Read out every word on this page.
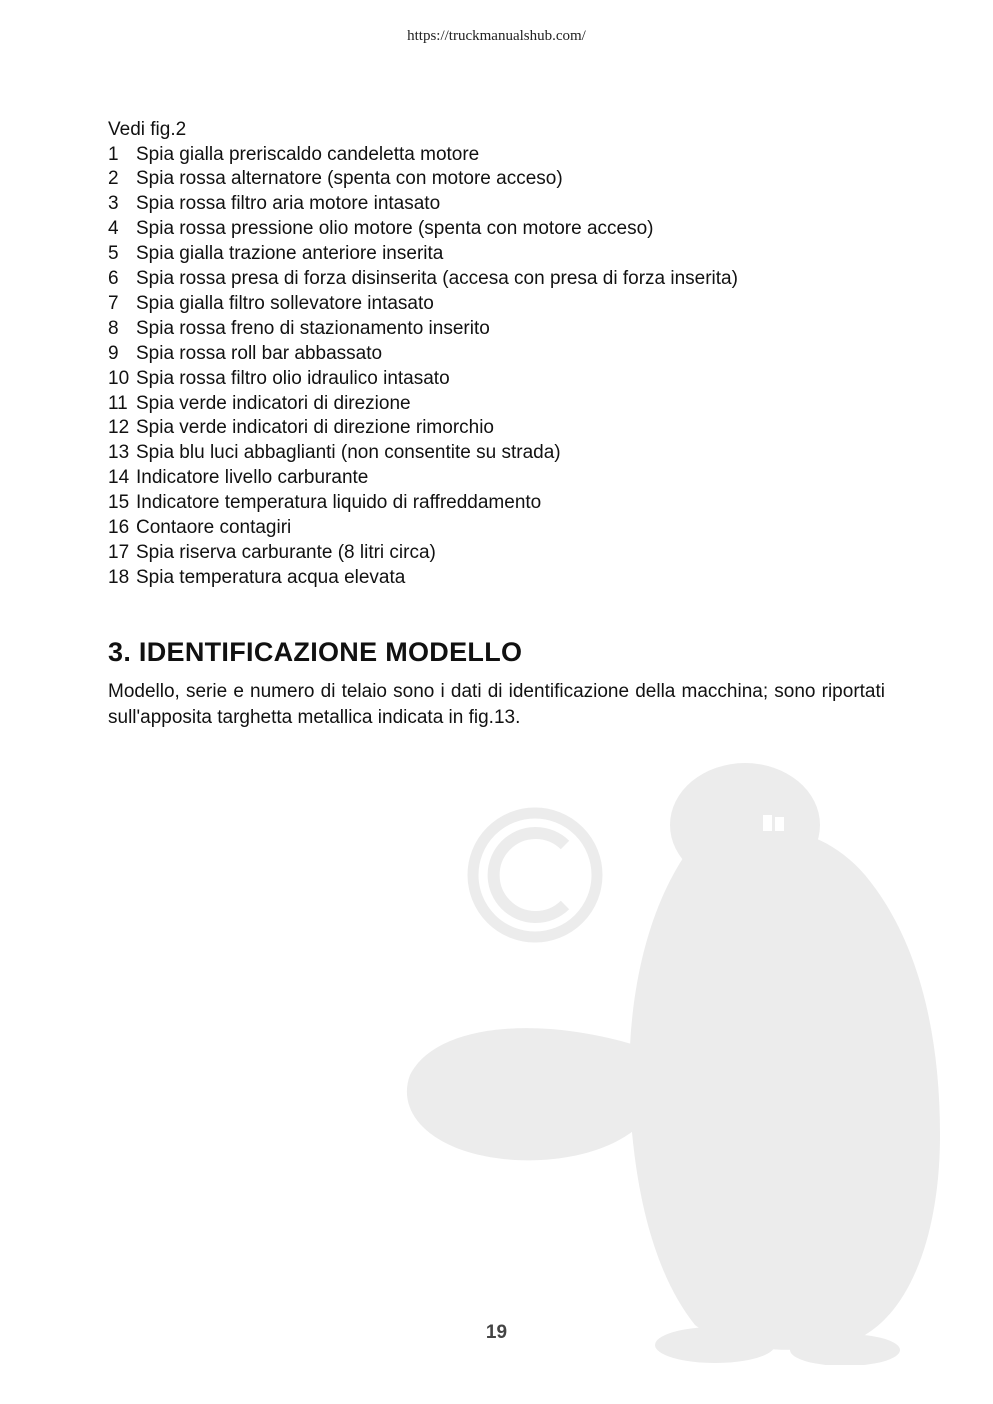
https://truckmanualshub.com/

Vedi fig.2

1 Spia gialla preriscaldo candeletta motore
2 Spia rossa alternatore (spenta con motore acceso)
3 Spia rossa filtro aria motore intasato
4 Spia rossa pressione olio motore (spenta con motore acceso)
5 Spia gialla trazione anteriore inserita
6 Spia rossa presa di forza disinserita (accesa con presa di forza inserita)
7 Spia gialla filtro sollevatore intasato
8 Spia rossa freno di stazionamento inserito
9 Spia rossa roll bar abbassato
10 Spia rossa filtro olio idraulico intasato
11 Spia verde indicatori di direzione
12 Spia verde indicatori di direzione rimorchio
13 Spia blu luci abbaglianti (non consentite su strada)
14 Indicatore livello carburante
15 Indicatore temperatura liquido di raffreddamento
16 Contaore contagiri
17 Spia riserva carburante (8 litri circa)
18 Spia temperatura acqua elevata
3. IDENTIFICAZIONE MODELLO

Modello, serie e numero di telaio sono i dati di identificazione della macchina; sono riportati sull'apposita targhetta metallica indicata in fig.13.

19
